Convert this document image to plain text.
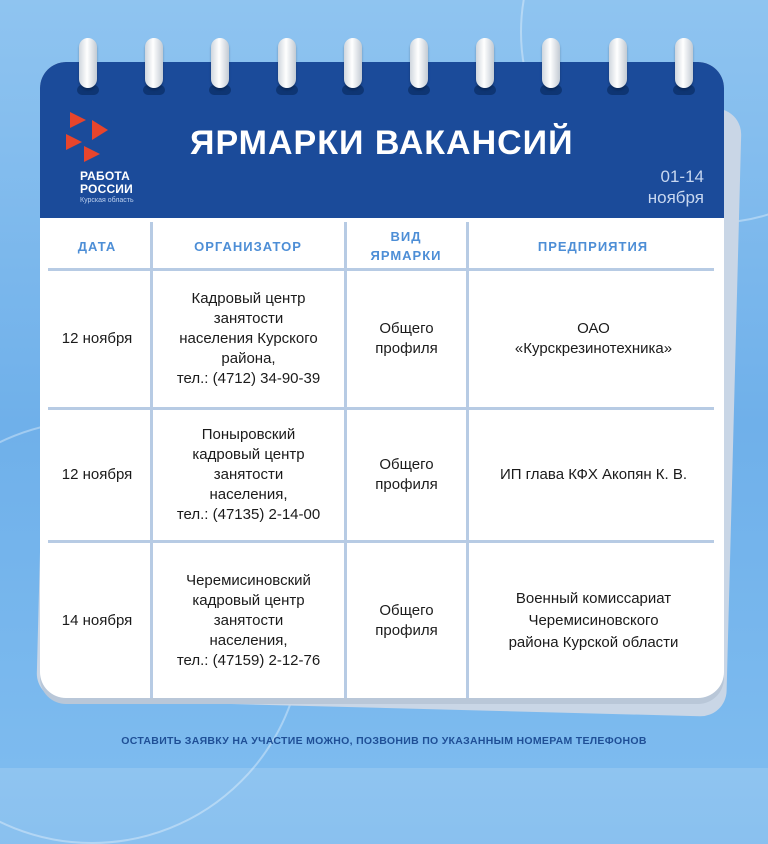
РАБОТА
РОССИИ
Курская область
ЯРМАРКИ ВАКАНСИЙ
01-14
ноября
ДАТА	ОРГАНИЗАТОР
ВИД
ЯРМАРКИ
ПРЕДПРИЯТИЯ
12 ноября
Кадровый центр
занятости
населения Курского
района,
тел.: (4712) 34-90-39
Общего
профиля
ОАО
«Курскрезинотехника»
12 ноября
Поныровский
кадровый центр
занятости
населения,
тел.: (47135) 2-14-00
Общего
профиля
ИП глава КФХ Акопян К. В.
14 ноября
Черемисиновский
кадровый центр
занятости
населения,
тел.: (47159) 2-12-76
Общего
профиля
Военный комиссариат
Черемисиновского
района Курской области
ОСТАВИТЬ ЗАЯВКУ НА УЧАСТИЕ МОЖНО, ПОЗВОНИВ ПО УКАЗАННЫМ НОМЕРАМ ТЕЛЕФОНОВ
